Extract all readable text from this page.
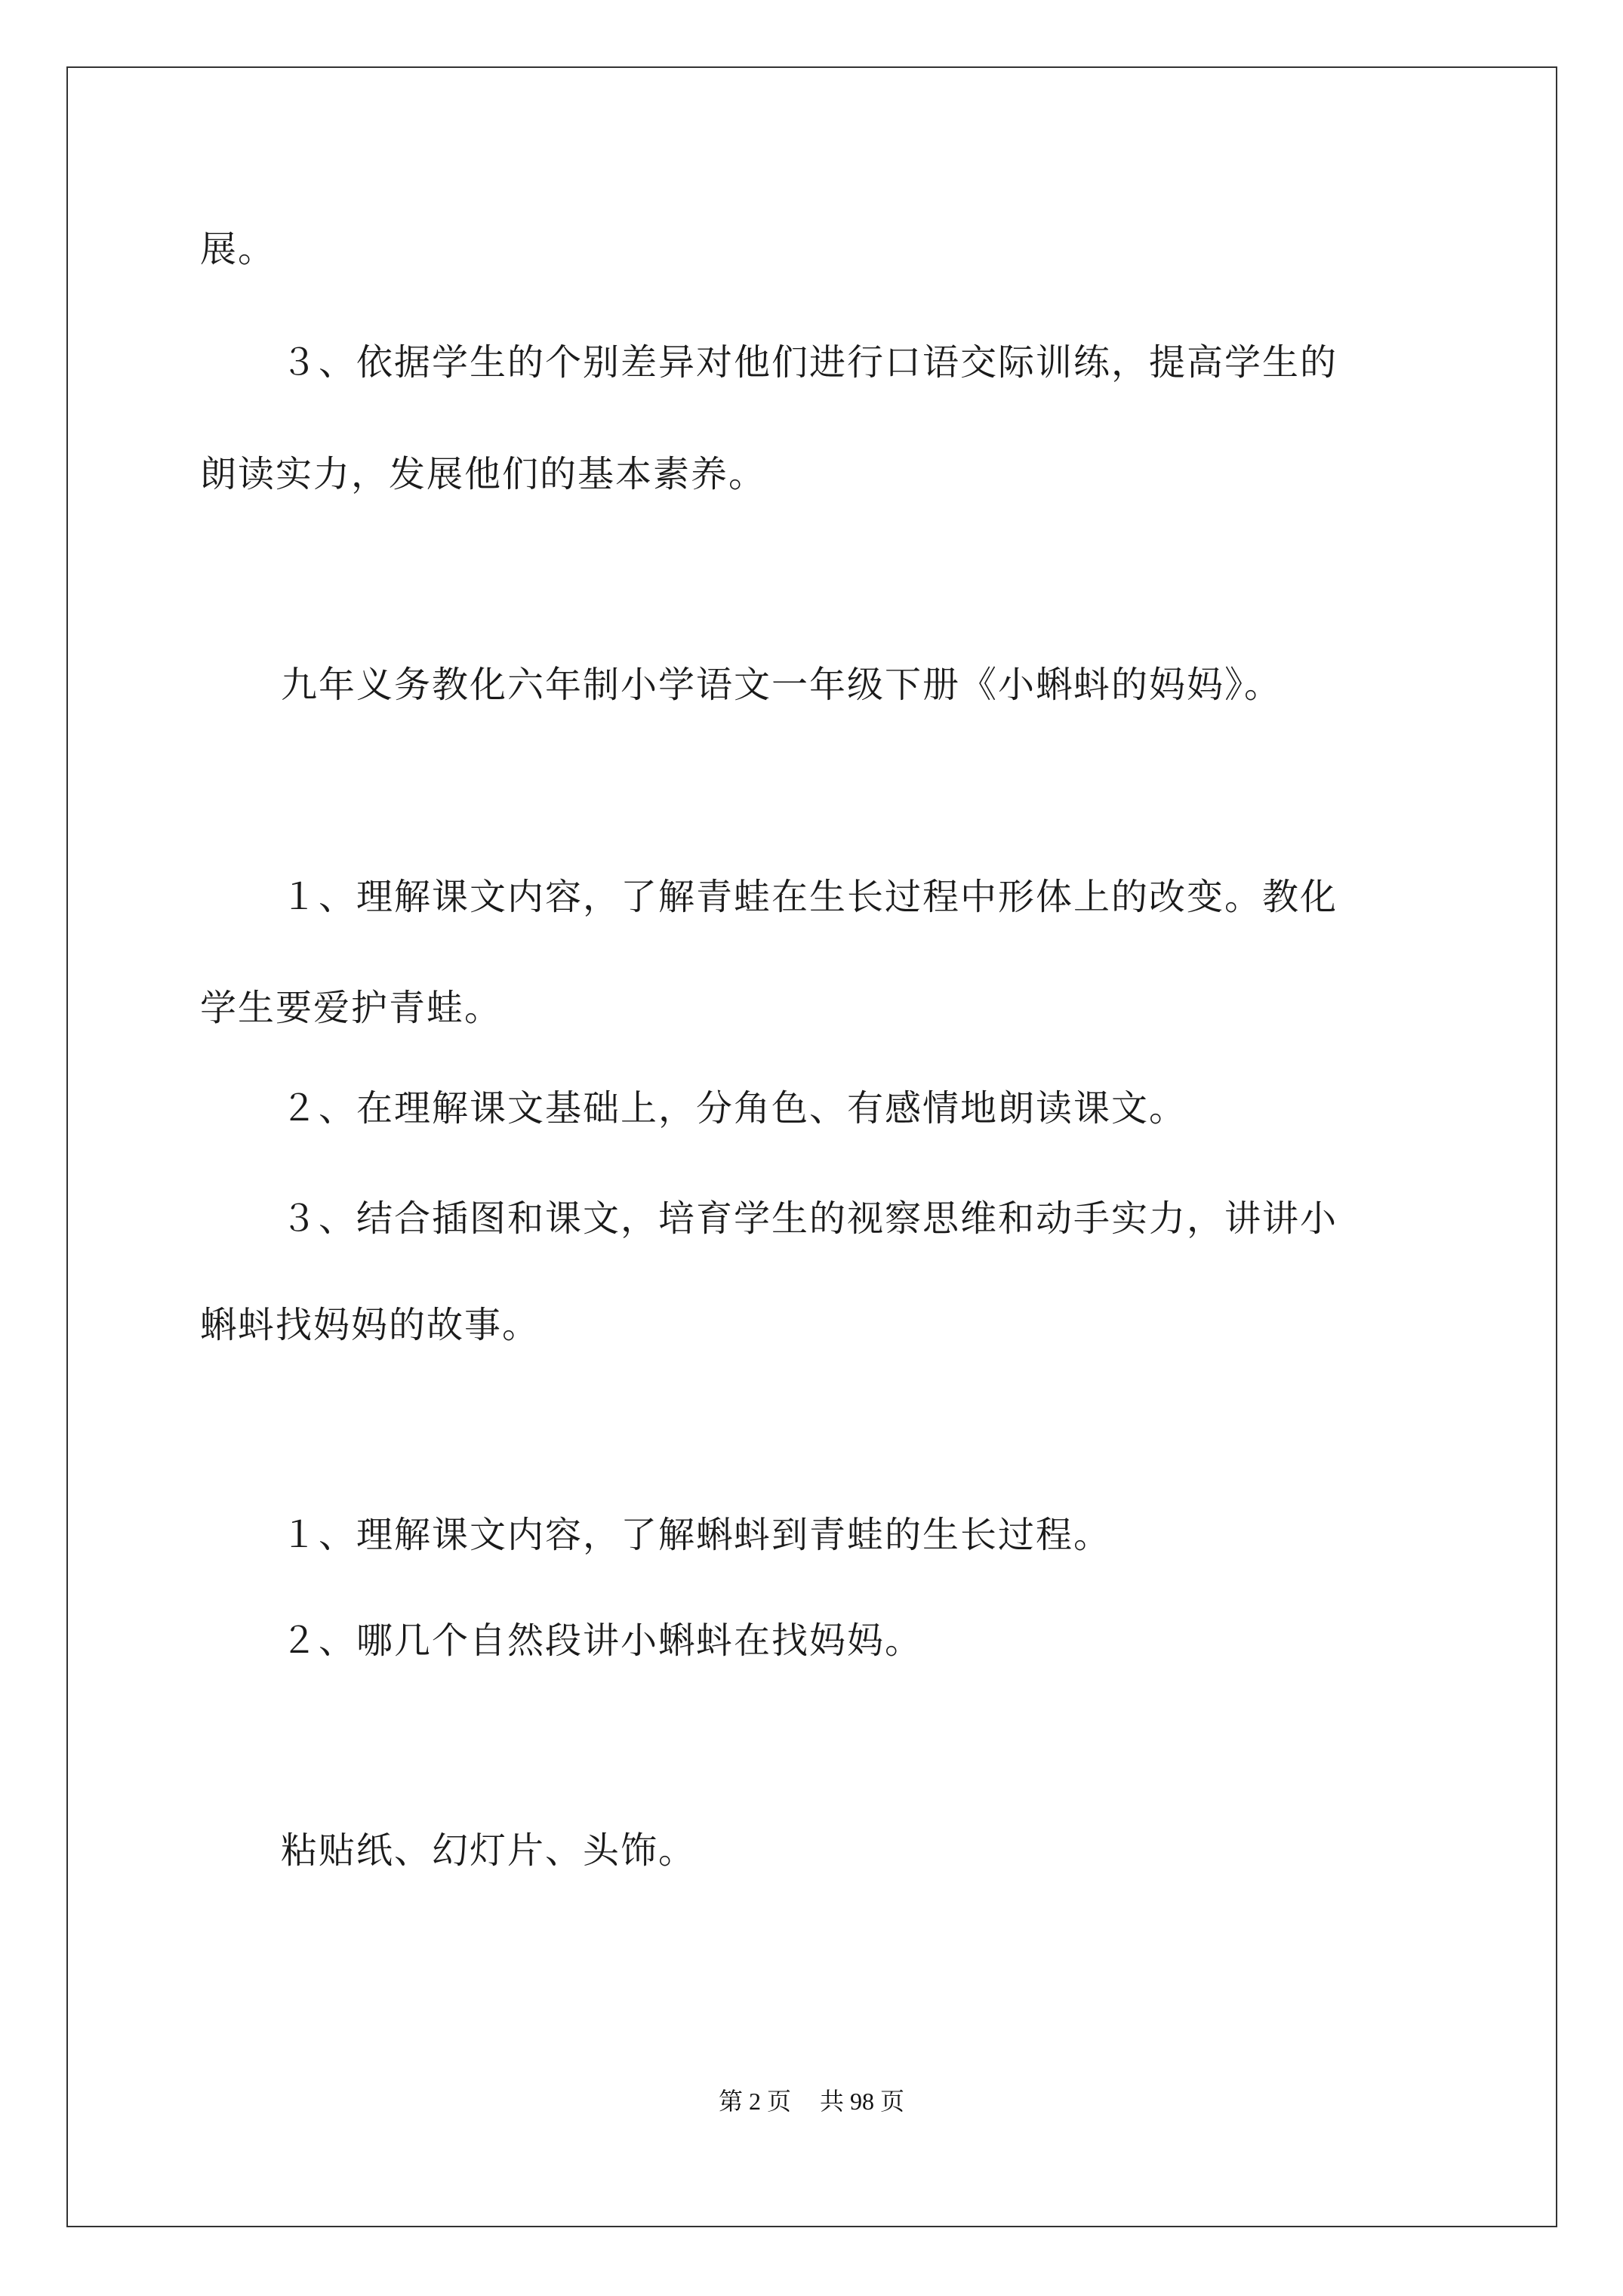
展。
３、依据学生的个别差异对他们进行口语交际训练，提高学生的
朗读实力，发展他们的基本素养。
九年义务教化六年制小学语文一年级下册《小蝌蚪的妈妈》。
１、理解课文内容，了解青蛙在生长过程中形体上的改变。教化
学生要爱护青蛙。
２、在理解课文基础上，分角色、有感情地朗读课文。
３、结合插图和课文，培育学生的视察思维和动手实力，讲讲小
蝌蚪找妈妈的故事。
１、理解课文内容，了解蝌蚪到青蛙的生长过程。
２、哪几个自然段讲小蝌蚪在找妈妈。
粘贴纸、幻灯片、头饰。
第 2 页 共 98 页
